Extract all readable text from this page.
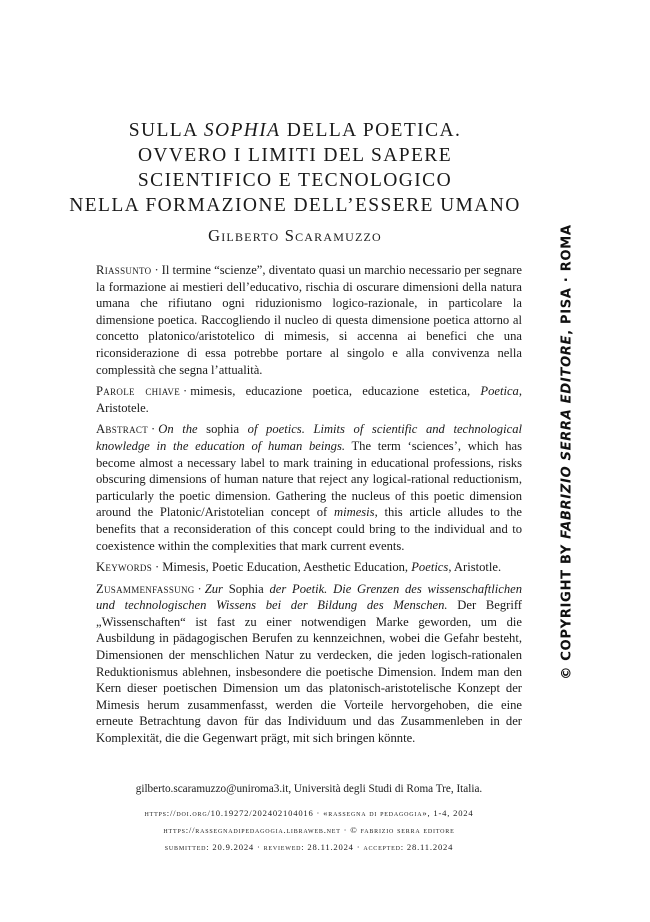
SULLA SOPHIA DELLA POETICA.
OVVERO I LIMITI DEL SAPERE
SCIENTIFICO E TECNOLOGICO
NELLA FORMAZIONE DELL’ESSERE UMANO
Gilberto Scaramuzzo

Riassunto · Il termine “scienze”, diventato quasi un marchio necessario per segnare la formazione ai mestieri dell’educativo, rischia di oscurare dimensioni della natura umana che rifiutano ogni riduzionismo logico-razionale, in particolare la dimensione poetica. Raccogliendo il nucleo di questa dimensione poetica attorno al concetto platonico/aristotelico di mimesis, si accenna ai benefici che una riconsiderazione di essa potrebbe portare al singolo e alla convivenza nella complessità che segna l’attualità.

Parole chiave · mimesis, educazione poetica, educazione estetica, Poetica, Aristotele.

Abstract · On the sophia of poetics. Limits of scientific and technological knowledge in the education of human beings. The term ‘sciences’, which has become almost a necessary label to mark training in educational professions, risks obscuring dimensions of human nature that reject any logical-rational reductionism, particularly the poetic dimension. Gathering the nucleus of this poetic dimension around the Platonic/Aristotelian concept of mimesis, this article alludes to the benefits that a reconsideration of this concept could bring to the individual and to coexistence within the complexities that mark current events.

Keywords · Mimesis, Poetic Education, Aesthetic Education, Poetics, Aristotle.

Zusammenfassung · Zur Sophia der Poetik. Die Grenzen des wissenschaftlichen und technologischen Wissens bei der Bildung des Menschen. Der Begriff „Wissenschaften“ ist fast zu einer notwendigen Marke geworden, um die Ausbildung in pädagogischen Berufen zu kennzeichnen, wobei die Gefahr besteht, Dimensionen der menschlichen Natur zu verdecken, die jeden logisch-rationalen Reduktionismus ablehnen, insbesondere die poetische Dimension. Indem man den Kern dieser poetischen Dimension um das platonisch-aristotelische Konzept der Mimesis herum zusammenfasst, werden die Vorteile hervorgehoben, die eine erneute Betrachtung davon für das Individuum und das Zusammenleben in der Komplexität, die die Gegenwart prägt, mit sich bringen könnte.

gilberto.scaramuzzo@uniroma3.it, Università degli Studi di Roma Tre, Italia.
https://doi.org/10.19272/202402104016 · «rassegna di pedagogia», 1-4, 2024
https://rassegnadipedagogia.libraweb.net · © fabrizio serra editore
submitted: 20.9.2024 · reviewed: 28.11.2024 · accepted: 28.11.2024
© COPYRIGHT BY FABRIZIO SERRA EDITORE, PISA · ROMA
